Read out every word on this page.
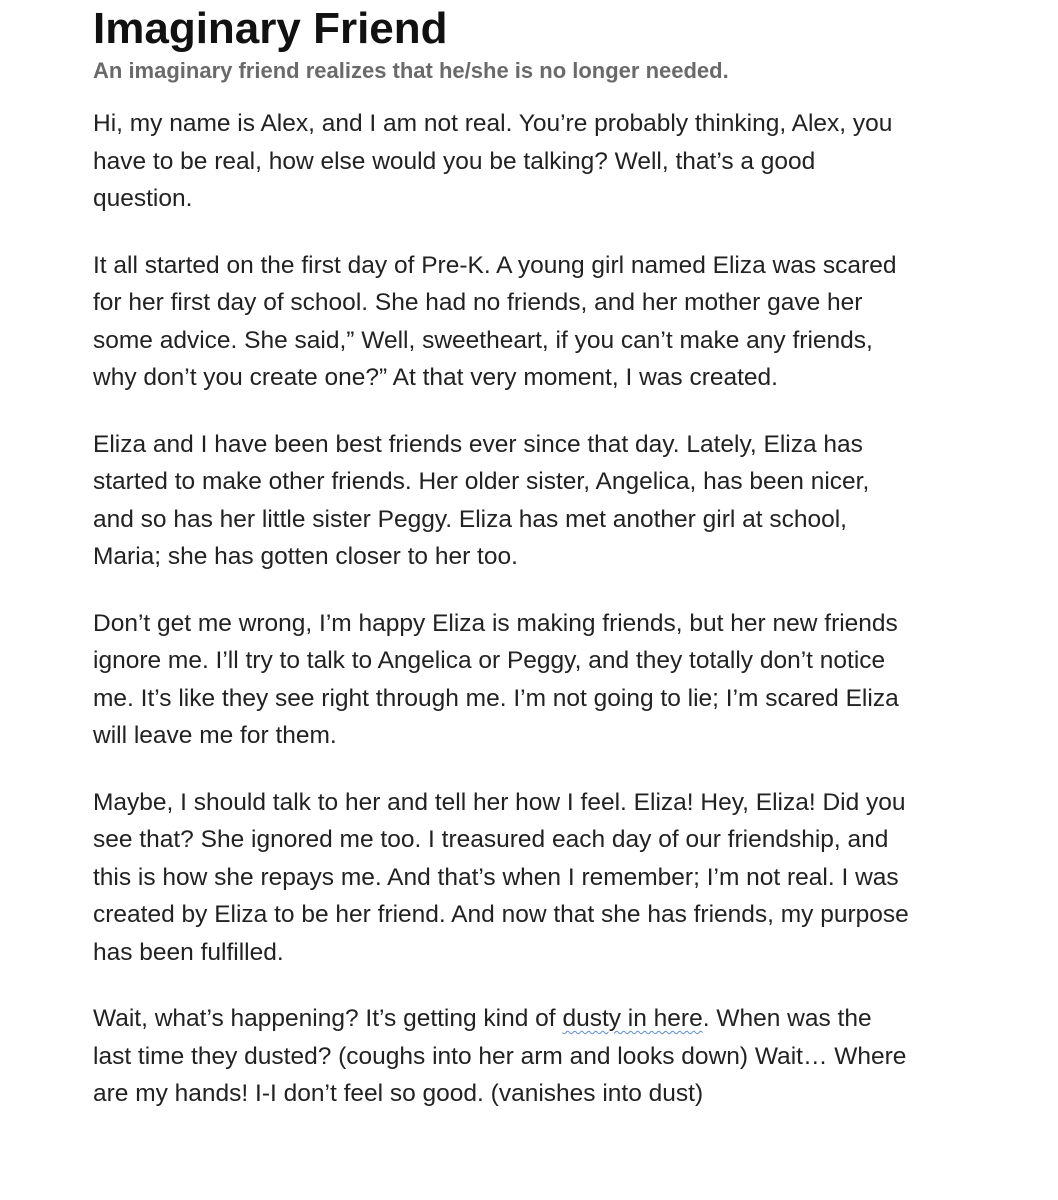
Imaginary Friend
An imaginary friend realizes that he/she is no longer needed.

Hi, my name is Alex, and I am not real. You’re probably thinking, Alex, you have to be real, how else would you be talking? Well, that’s a good question.

It all started on the first day of Pre-K. A young girl named Eliza was scared for her first day of school. She had no friends, and her mother gave her some advice. She said,” Well, sweetheart, if you can’t make any friends, why don’t you create one?” At that very moment, I was created.

Eliza and I have been best friends ever since that day. Lately, Eliza has started to make other friends. Her older sister, Angelica, has been nicer, and so has her little sister Peggy. Eliza has met another girl at school, Maria; she has gotten closer to her too.

Don’t get me wrong, I’m happy Eliza is making friends, but her new friends ignore me. I’ll try to talk to Angelica or Peggy, and they totally don’t notice me. It’s like they see right through me. I’m not going to lie; I’m scared Eliza will leave me for them.

Maybe, I should talk to her and tell her how I feel. Eliza! Hey, Eliza! Did you see that? She ignored me too. I treasured each day of our friendship, and this is how she repays me. And that’s when I remember; I’m not real. I was created by Eliza to be her friend. And now that she has friends, my purpose has been fulfilled.

Wait, what’s happening? It’s getting kind of dusty in here. When was the last time they dusted? (coughs into her arm and looks down) Wait… Where are my hands! I-I don’t feel so good. (vanishes into dust)
